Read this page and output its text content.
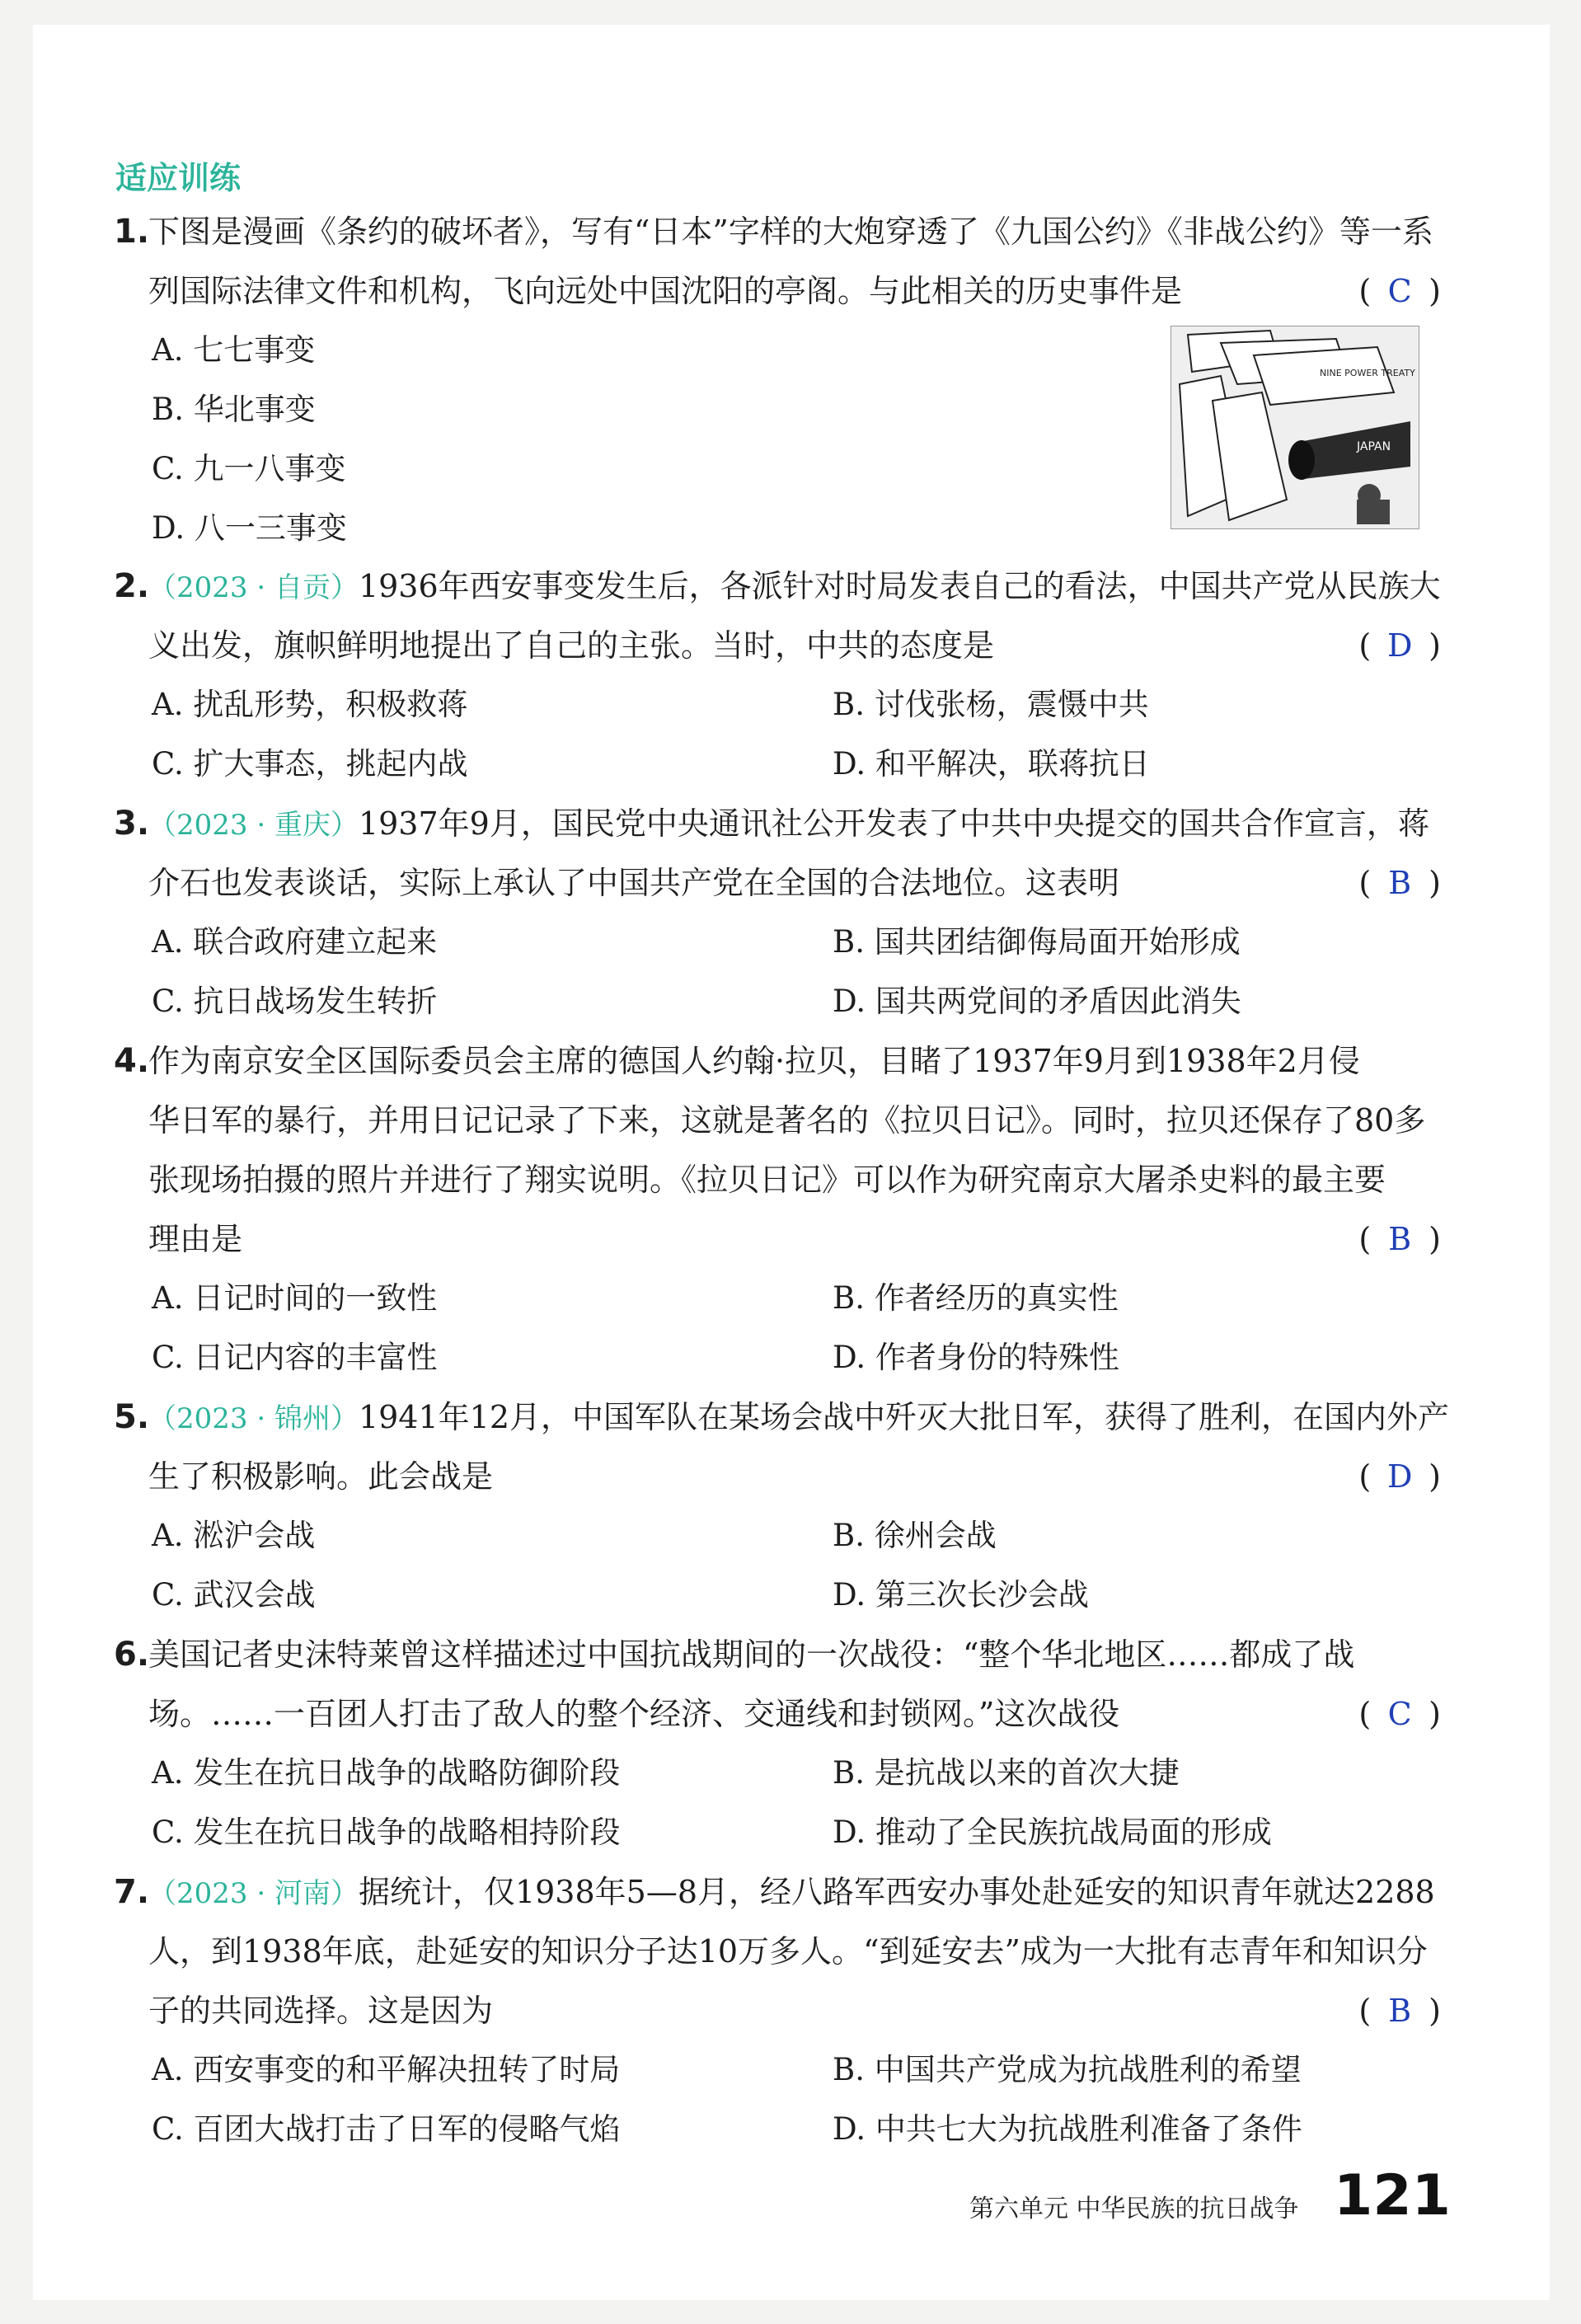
适应训练
1.
下图是漫画《条约的破坏者》，写有“日本”字样的大炮穿透了《九国公约》《非战公约》等一系
列国际法律文件和机构，飞向远处中国沈阳的亭阁。与此相关的历史事件是	( C )
A. 七七事变
B. 华北事变
C. 九一八事变
D. 八一三事变
JAPAN
NINE POWER TREATY
2.
（2023 · 自贡）1936年西安事变发生后，各派针对时局发表自己的看法，中国共产党从民族大
义出发，旗帜鲜明地提出了自己的主张。当时，中共的态度是	( D )
A. 扰乱形势，积极救蒋	B. 讨伐张杨，震慑中共
C. 扩大事态，挑起内战	D. 和平解决，联蒋抗日
3.
（2023 · 重庆）1937年9月，国民党中央通讯社公开发表了中共中央提交的国共合作宣言，蒋
介石也发表谈话，实际上承认了中国共产党在全国的合法地位。这表明	( B )
A. 联合政府建立起来	B. 国共团结御侮局面开始形成
C. 抗日战场发生转折	D. 国共两党间的矛盾因此消失
4.
作为南京安全区国际委员会主席的德国人约翰·拉贝，目睹了1937年9月到1938年2月侵
华日军的暴行，并用日记记录了下来，这就是著名的《拉贝日记》。同时，拉贝还保存了80多
张现场拍摄的照片并进行了翔实说明。《拉贝日记》可以作为研究南京大屠杀史料的最主要
理由是	( B )
A. 日记时间的一致性	B. 作者经历的真实性
C. 日记内容的丰富性	D. 作者身份的特殊性
5.
（2023 · 锦州）1941年12月，中国军队在某场会战中歼灭大批日军，获得了胜利，在国内外产
生了积极影响。此会战是	( D )
A. 淞沪会战	B. 徐州会战
C. 武汉会战	D. 第三次长沙会战
6.
美国记者史沫特莱曾这样描述过中国抗战期间的一次战役：“整个华北地区……都成了战
场。……一百团人打击了敌人的整个经济、交通线和封锁网。”这次战役	( C )
A. 发生在抗日战争的战略防御阶段	B. 是抗战以来的首次大捷
C. 发生在抗日战争的战略相持阶段	D. 推动了全民族抗战局面的形成
7.
（2023 · 河南）据统计，仅1938年5—8月，经八路军西安办事处赴延安的知识青年就达2288
人，到1938年底，赴延安的知识分子达10万多人。“到延安去”成为一大批有志青年和知识分
子的共同选择。这是因为	( B )
A. 西安事变的和平解决扭转了时局	B. 中国共产党成为抗战胜利的希望
C. 百团大战打击了日军的侵略气焰	D. 中共七大为抗战胜利准备了条件
第六单元 中华民族的抗日战争 121
